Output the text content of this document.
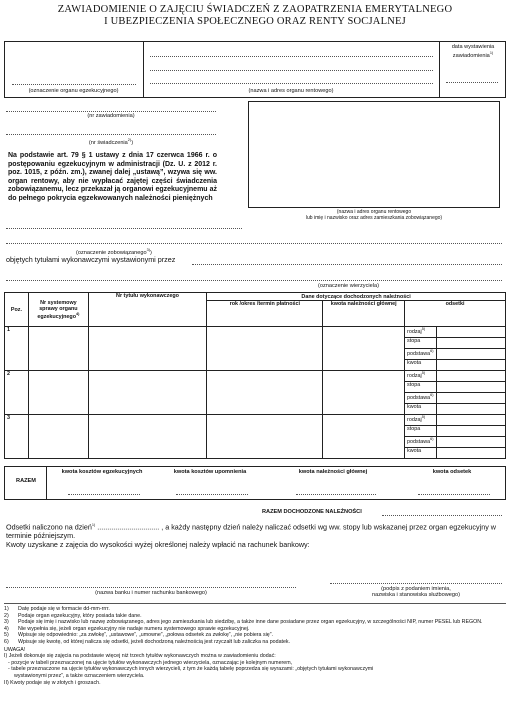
ZAWIADOMIENIE O ZAJĘCIU ŚWIADCZEŃ Z ZAOPATRZENIA EMERYTALNEGO
I UBEZPIECZENIA SPOŁECZNEGO ORAZ RENTY SOCJALNEJ
(oznaczenie organu egzekucyjnego)	(nazwa i adres organu rentowego)
data wystawienia zawiadomienia$^{1)}$
(nr zawiadomienia)
(nr świadczenia$^{2)}$)
Na podstawie art. 79 § 1 ustawy z dnia 17 czerwca 1966 r. o postępowaniu egzekucyjnym w administracji (Dz. U. z 2012 r. poz. 1015, z późn. zm.), zwanej dalej „ustawą”, wzywa się ww. organ rentowy, aby nie wypłacać zajętej części świadczenia zobowiązanemu, lecz przekazał ją organowi egzekucyjnemu aż do pełnego pokrycia egzekwowanych należności pieniężnych
(nazwa i adres organu rentowego
lub imię i nazwisko oraz adres zamieszkania zobowiązanego)
(oznaczenie zobowiązanego$^{3)}$)
objętych tytułami wykonawczymi wystawionymi przez
(oznaczenie wierzyciela)
Poz.	Nr systemowy sprawy organu egzekucyjnego$^{4)}$	Nr tytułu wykonawczego	Dane dotyczące dochodzonych należności			
			rok /okres /termin płatności	kwota należności głównej	odsetki	
1					rodzaj$^{5)}$	
					stopa	
					podstawa$^{6)}$	
					kwota	
2					rodzaj$^{5)}$	
					stopa	
					podstawa$^{6)}$	
					kwota	
3					rodzaj$^{5)}$	
					stopa	
					podstawa$^{6)}$	
					kwota	
RAZEM
kwota kosztów egzekucyjnych	kwota kosztów upomnienia	kwota należności głównej	kwota odsetek
RAZEM DOCHODZONE NALEŻNOŚCI
Odsetki naliczono na dzień$^{1)}$ ............................... , a każdy następny dzień należy naliczać odsetki wg ww. stopy lub wskazanej przez organ egzekucyjny w terminie późniejszym.
Kwoty uzyskane z zajęcia do wysokości wyżej określonej należy wpłacić na rachunek bankowy:
(nazwa banku i numer rachunku bankowego)
(podpis z podaniem imienia,
nazwiska i stanowiska służbowego)
1)	Datę podaje się w formacie dd-mm-rrrr.
2)	Podaje organ egzekucyjny, który posiada takie dane.
3)	Podaje się imię i nazwisko lub nazwę zobowiązanego, adres jego zamieszkania lub siedzibę, a także inne dane posiadane przez organ egzekucyjny, w szczególności NIP, numer PESEL lub REGON.
4)	Nie wypełnia się, jeżeli organ egzekucyjny nie nadaje numeru systemowego sprawie egzekucyjnej.
5)	Wpisuje się odpowiednio: „za zwłokę”, „ustawowe”, „umowne”, „połowa odsetek za zwłokę”, „nie pobiera się”.
6)	Wpisuje się kwotę, od której nalicza się odsetki, jeżeli dochodzoną należnością jest rzyczałt lub zaliczka na podatek.
UWAGA!
I) Jeżeli dokonuje się zajęcia na podstawie więcej niż trzech tytułów wykonawczych można w zawiadomieniu dodać:
- pozycje w tabeli przeznaczonej na ujęcie tytułów wykonawczych jednego wierzyciela, oznaczając je kolejnym numerem,
- tabele przeznaczone na ujęcie tytułów wykonawczych innych wierzycieli, z tym że każdą tabelę poprzedza się wyrazami: „objętych tytułami wykonawczymi
wystawionymi przez”, a także oznaczeniem wierzyciela.
II) Kwoty podaje się w złotych i groszach.
